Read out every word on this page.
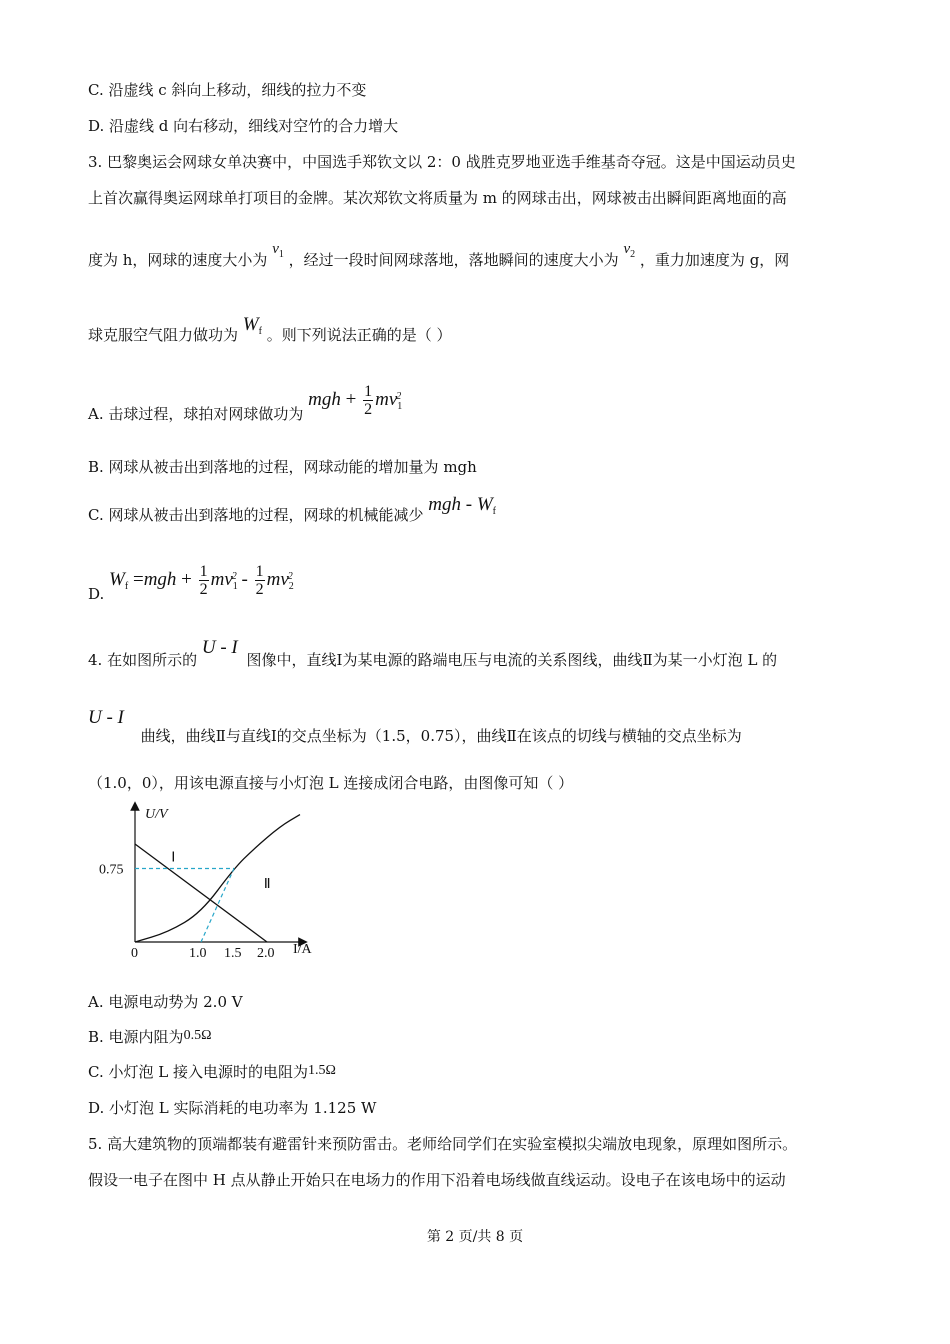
C. 沿虚线 c 斜向上移动，细线的拉力不变
D. 沿虚线 d 向右移动，细线对空竹的合力增大
3. 巴黎奥运会网球女单决赛中，中国选手郑钦文以 2：0 战胜克罗地亚选手维基奇夺冠。这是中国运动员史
上首次赢得奥运网球单打项目的金牌。某次郑钦文将质量为 m 的网球击出，网球被击出瞬间距离地面的高
度为 h，网球的速度大小为 $v_1$ ，经过一段时间网球落地，落地瞬间的速度大小为 $v_2$ ，重力加速度为 g，网
球克服空气阻力做功为 $W_f$ 。则下列说法正确的是（ ）
A. 击球过程，球拍对网球做功为 mgh + $\frac{1}{2} mv_1^2$
B. 网球从被击出到落地的过程，网球动能的增加量为 mgh
C. 网球从被击出到落地的过程，网球的机械能减少 mgh - $W_f$
D. $W_f =mgh + \frac{1}{2} mv_1^2 - \frac{1}{2} mv_2^2$
4. 在如图所示的 U - I 图像中，直线Ⅰ为某电源的路端电压与电流的关系图线，曲线Ⅱ为某一小灯泡 L 的
U - I 曲线，曲线Ⅱ与直线Ⅰ的交点坐标为（1.5，0.75），曲线Ⅱ在该点的切线与横轴的交点坐标为
（1.0，0），用该电源直接与小灯泡 L 连接成闭合电路，由图像可知（ ）
U/V
I/A
Ⅰ
Ⅱ
0	1.0 1.5 2.0
0.75
A. 电源电动势为 2.0 V
B. 电源内阻为0.5Ω
C. 小灯泡 L 接入电源时的电阻为1.5Ω
D. 小灯泡 L 实际消耗的电功率为 1.125 W
5. 高大建筑物的顶端都装有避雷针来预防雷击。老师给同学们在实验室模拟尖端放电现象，原理如图所示。
假设一电子在图中 H 点从静止开始只在电场力的作用下沿着电场线做直线运动。设电子在该电场中的运动
第 2 页/共 8 页
